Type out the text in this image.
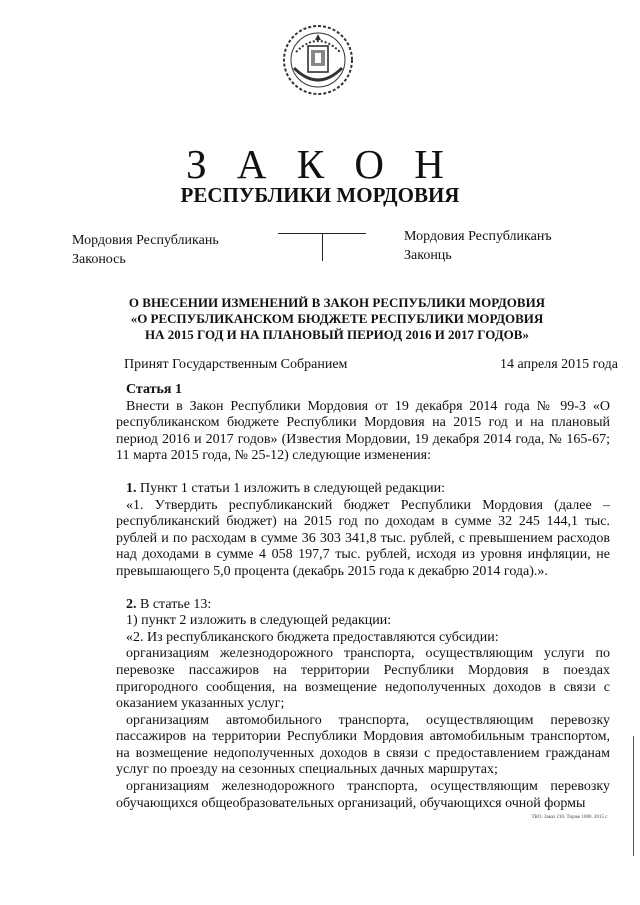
З А К О Н
РЕСПУБЛИКИ МОРДОВИЯ
Мордовия Республикань
Законось
Мордовия Республиканъ
Законць
О ВНЕСЕНИИ ИЗМЕНЕНИЙ В ЗАКОН РЕСПУБЛИКИ МОРДОВИЯ
«О РЕСПУБЛИКАНСКОМ БЮДЖЕТЕ РЕСПУБЛИКИ МОРДОВИЯ
НА 2015 ГОД И НА ПЛАНОВЫЙ ПЕРИОД 2016 И 2017 ГОДОВ»
Принят Государственным Собранием	14 апреля 2015 года

Статья 1

Внести в Закон Республики Мордовия от 19 декабря 2014 года № 99-З «О республиканском бюджете Республики Мордовия на 2015 год и на плановый период 2016 и 2017 годов» (Известия Мордовии, 19 декабря 2014 года, № 165-67; 11 марта 2015 года, № 25-12) следующие изменения:

1. Пункт 1 статьи 1 изложить в следующей редакции:

«1. Утвердить республиканский бюджет Республики Мордовия (далее – республиканский бюджет) на 2015 год по доходам в сумме 32 245 144,1 тыс. рублей и по расходам в сумме 36 303 341,8 тыс. рублей, с превышением расходов над доходами в сумме 4 058 197,7 тыс. рублей, исходя из уровня инфляции, не превышающего 5,0 процента (декабрь 2015 года к декабрю 2014 года).».

2. В статье 13:

1) пункт 2 изложить в следующей редакции:

«2. Из республиканского бюджета предоставляются субсидии:

организациям железнодорожного транспорта, осуществляющим услуги по перевозке пассажиров на территории Республики Мордовия в поездах пригородного сообщения, на возмещение недополученных доходов в связи с оказанием указанных услуг;

организациям автомобильного транспорта, осуществляющим перевозку пассажиров на территории Республики Мордовия автомобильным транспортом, на возмещение недополученных доходов в связи с предоставлением гражданам услуг по проезду на сезонных специальных дачных маршрутах;

организациям железнодорожного транспорта, осуществляющим перевозку обучающихся общеобразовательных организаций, обучающихся очной формы

ТКО. Заказ 210. Тираж 1000. 2015 г.
